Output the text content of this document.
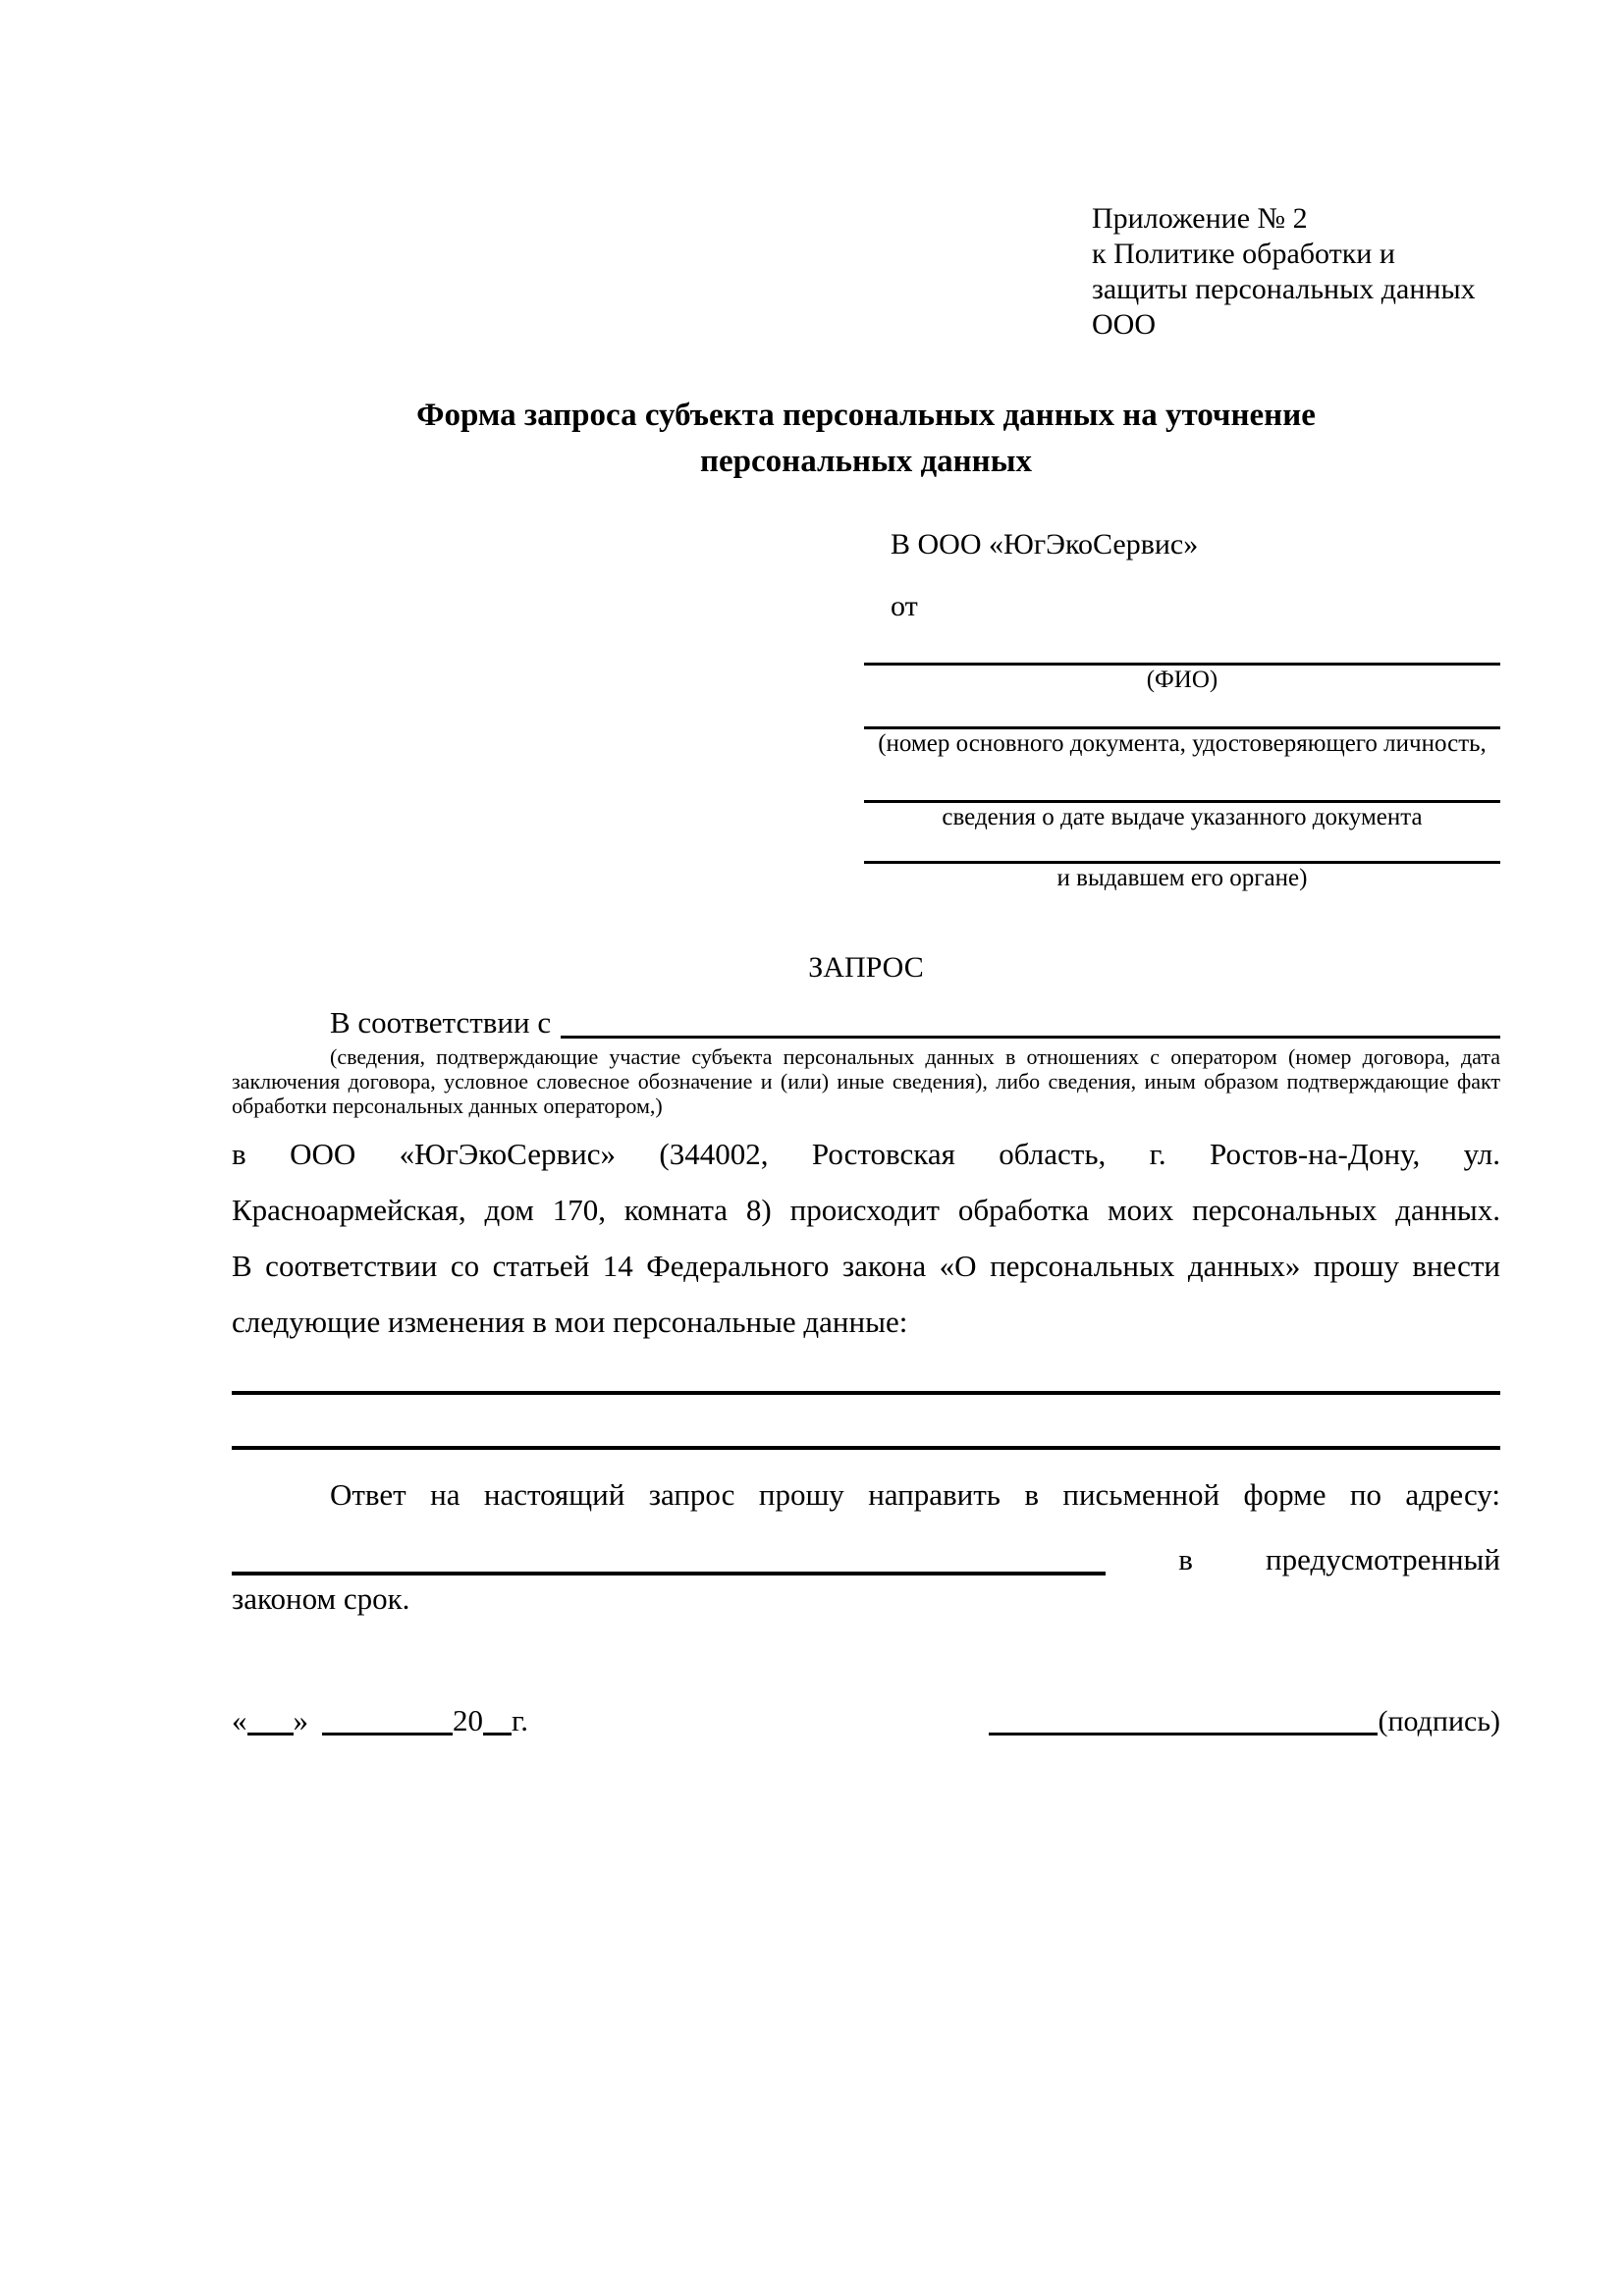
Приложение № 2
к Политике обработки и
защиты персональных данных
ООО
Форма запроса субъекта персональных данных на уточнение
персональных данных
В ООО «ЮгЭкоСервис»
от
(ФИО)
(номер основного документа, удостоверяющего личность,
сведения о дате выдаче указанного документа
и выдавшем его органе)
ЗАПРОС
В соответствии с
(сведения, подтверждающие участие субъекта персональных данных в отношениях с оператором (номер договора, дата
заключения договора, условное словесное обозначение и (или) иные сведения), либо сведения, иным образом подтверждающие факт
обработки персональных данных оператором,)
в ООО «ЮгЭкоСервис» (344002, Ростовская область, г. Ростов-на-Дону, ул.
Красноармейская, дом 170, комната 8) происходит обработка моих персональных данных.
В соответствии со статьей 14 Федерального закона «О персональных данных» прошу внести
следующие изменения в мои персональные данные:
Ответ на настоящий запрос прошу направить в письменной форме по адресу:
в предусмотренный
законом срок.
« »	20 г.	(подпись)
